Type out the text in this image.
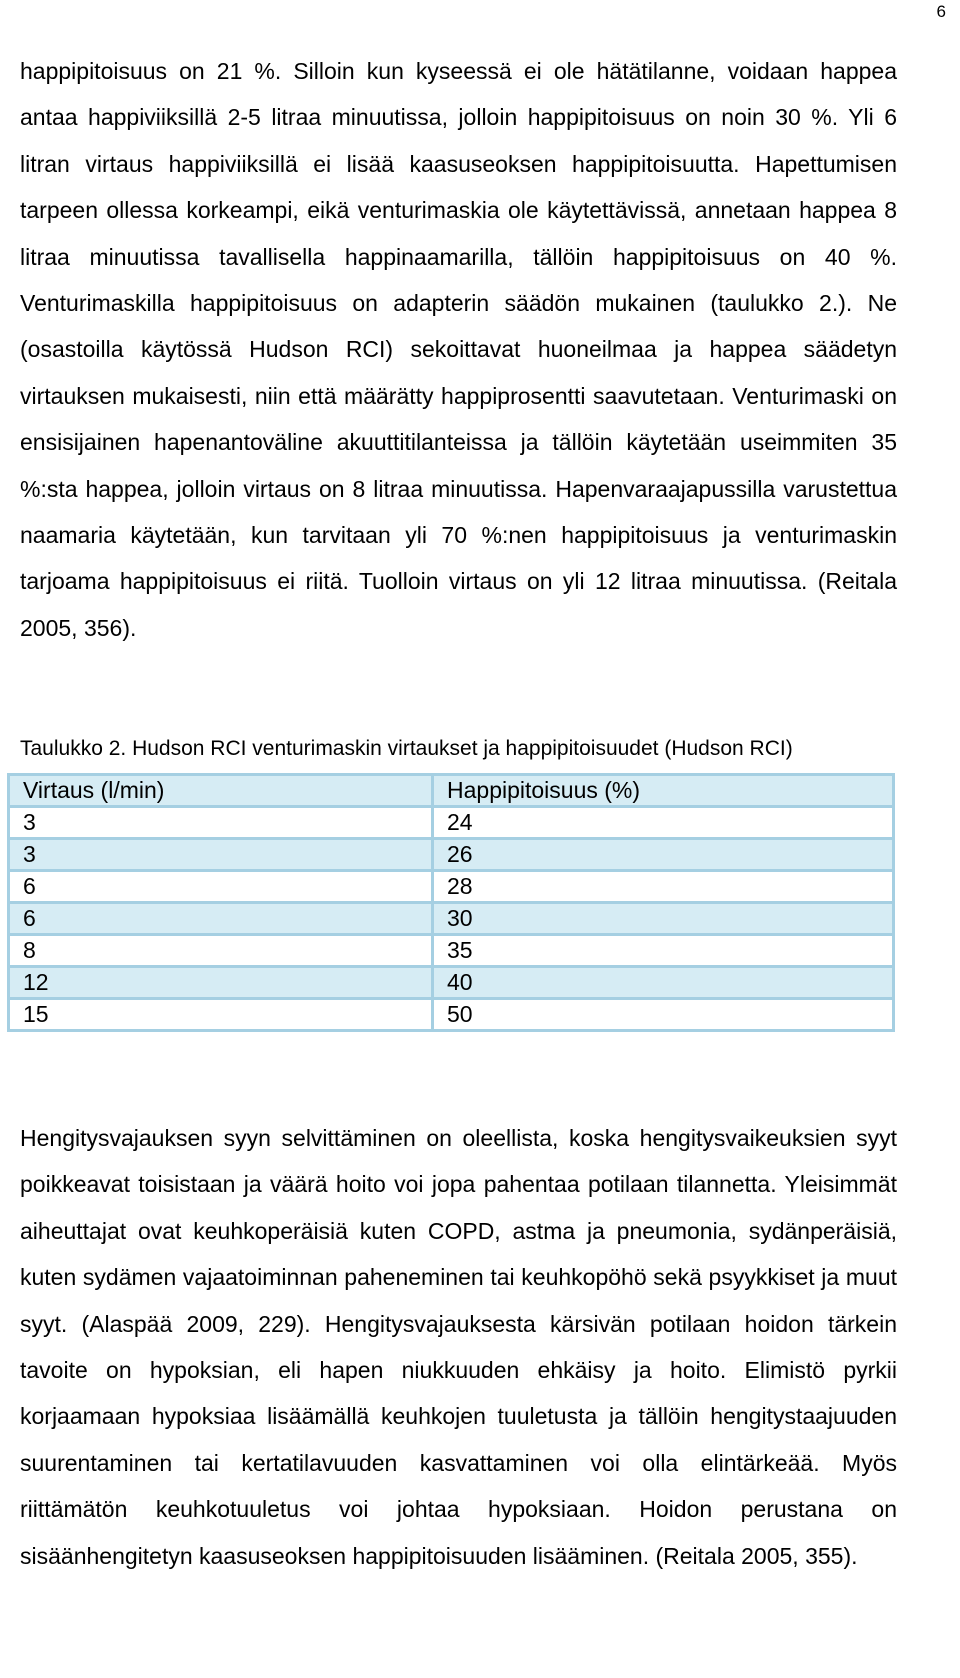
6

happipitoisuus on 21 %. Silloin kun kyseessä ei ole hätätilanne, voidaan happea antaa happiviiksillä 2-5 litraa minuutissa, jolloin happipitoisuus on noin 30 %. Yli 6 litran virtaus happiviiksillä ei lisää kaasuseoksen happipitoisuutta. Hapettumisen tarpeen ollessa korkeampi, eikä venturimaskia ole käytettävissä, annetaan happea 8 litraa minuutissa tavallisella happinaamarilla, tällöin happipitoisuus on 40 %. Venturimaskilla happipitoisuus on adapterin säädön mukainen (taulukko 2.). Ne (osastoilla käytössä Hudson RCI) sekoittavat huoneilmaa ja happea säädetyn virtauksen mukaisesti, niin että määrätty happiprosentti saavutetaan. Venturimaski on ensisijainen hapenantoväline akuuttitilanteissa ja tällöin käytetään useimmiten 35 %:sta happea, jolloin virtaus on 8 litraa minuutissa. Hapenvaraajapussilla varustettua naamaria käytetään, kun tarvitaan yli 70 %:nen happipitoisuus ja venturimaskin tarjoama happipitoisuus ei riitä. Tuolloin virtaus on yli 12 litraa minuutissa. (Reitala 2005, 356).

Taulukko 2. Hudson RCI venturimaskin virtaukset ja happipitoisuudet (Hudson RCI)

Virtaus (l/min)	Happipitoisuus (%)
3	24
3	26
6	28
6	30
8	35
12	40
15	50

Hengitysvajauksen syyn selvittäminen on oleellista, koska hengitysvaikeuksien syyt poikkeavat toisistaan ja väärä hoito voi jopa pahentaa potilaan tilannetta. Yleisimmät aiheuttajat ovat keuhkoperäisiä kuten COPD, astma ja pneumonia, sydänperäisiä, kuten sydämen vajaatoiminnan paheneminen tai keuhkopöhö sekä psyykkiset ja muut syyt. (Alaspää 2009, 229). Hengitysvajauksesta kärsivän potilaan hoidon tärkein tavoite on hypoksian, eli hapen niukkuuden ehkäisy ja hoito. Elimistö pyrkii korjaamaan hypoksiaa lisäämällä keuhkojen tuuletusta ja tällöin hengitystaajuuden suurentaminen tai kertatilavuuden kasvattaminen voi olla elintärkeää. Myös riittämätön keuhkotuuletus voi johtaa hypoksiaan. Hoidon perustana on sisäänhengitetyn kaasuseoksen happipitoisuuden lisääminen. (Reitala 2005, 355).
